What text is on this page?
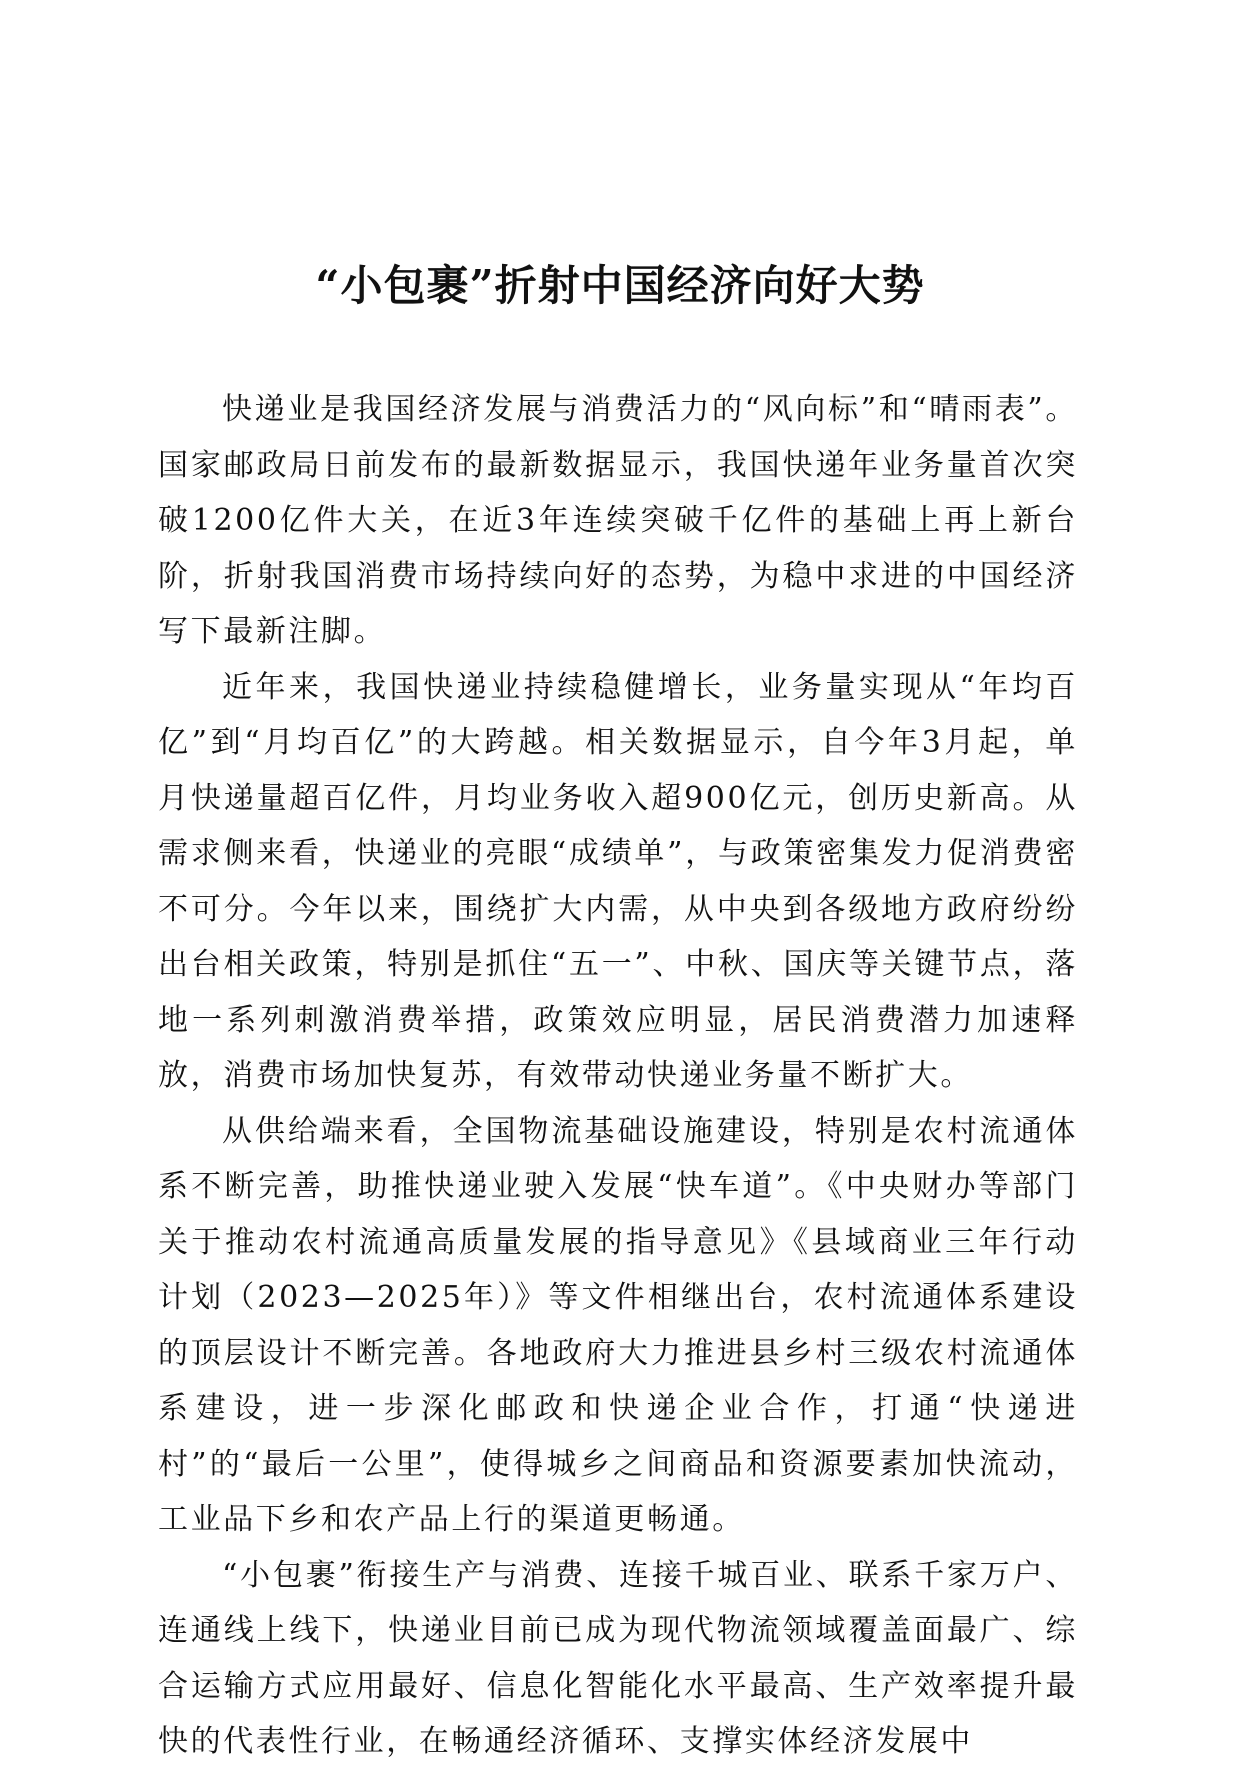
“小包裹”折射中国经济向好大势

快递业是我国经济发展与消费活力的“风向标”和“晴雨表”。国家邮政局日前发布的最新数据显示，我国快递年业务量首次突破1200亿件大关，在近3年连续突破千亿件的基础上再上新台阶，折射我国消费市场持续向好的态势，为稳中求进的中国经济写下最新注脚。

近年来，我国快递业持续稳健增长，业务量实现从“年均百亿”到“月均百亿”的大跨越。相关数据显示，自今年3月起，单月快递量超百亿件，月均业务收入超900亿元，创历史新高。从需求侧来看，快递业的亮眼“成绩单”，与政策密集发力促消费密不可分。今年以来，围绕扩大内需，从中央到各级地方政府纷纷出台相关政策，特别是抓住“五一”、中秋、国庆等关键节点，落地一系列刺激消费举措，政策效应明显，居民消费潜力加速释放，消费市场加快复苏，有效带动快递业务量不断扩大。

从供给端来看，全国物流基础设施建设，特别是农村流通体系不断完善，助推快递业驶入发展“快车道”。《中央财办等部门关于推动农村流通高质量发展的指导意见》《县域商业三年行动计划（2023—2025年）》等文件相继出台，农村流通体系建设的顶层设计不断完善。各地政府大力推进县乡村三级农村流通体系建设，进一步深化邮政和快递企业合作，打通“快递进村”的“最后一公里”，使得城乡之间商品和资源要素加快流动，工业品下乡和农产品上行的渠道更畅通。

“小包裹”衔接生产与消费、连接千城百业、联系千家万户、连通线上线下，快递业目前已成为现代物流领域覆盖面最广、综合运输方式应用最好、信息化智能化水平最高、生产效率提升最快的代表性行业，在畅通经济循环、支撑实体经济发展中
